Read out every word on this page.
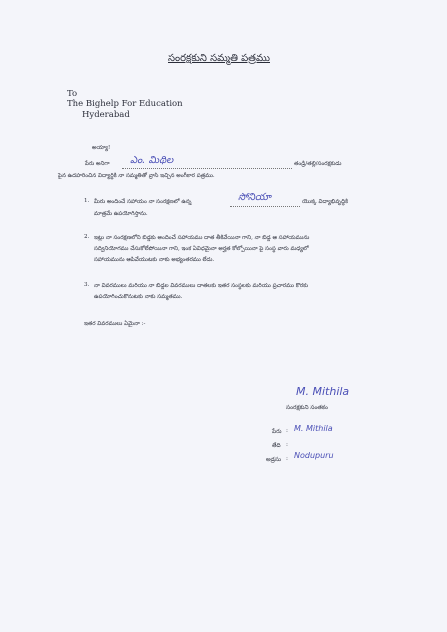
సంరక్షకుని సమ్మతి పత్రము
To
The Bighelp For Education
Hyderabad
అయ్యా!
పేరు అనిగా ఎం. మిథిల	తండ్రి/తల్లి/సంరక్షకుడు
పైన ఉదహరించిన విద్యార్థికి నా సమ్మతితో వ్రాసి ఇచ్చిన అంగీకార పత్రము.
1. మీరు అందించే సహాయం నా సంరక్షణలో ఉన్న	సోనియా	యొక్క విద్యాభివృద్ధికి
మాత్రమే ఉపయోగిస్తాను.
2. ఇట్లు నా సంరక్షణలోని బిడ్డకు అందించే సహాయము దాత తీకివేయినా గాని, నా బిడ్డ ఆ సహాయమును
సద్వినియోగము చేసుకోలేపోయినా గాని, ఇంక ఏవిధమైనా అర్హత కోల్పోయినా పై సంస్థ వారు మధ్యలో
సహాయమును ఆపివేయుటకు నాకు అభ్యంతరము లేదు.
3. నా వివరములు మరియు నా బిడ్డల వివరములు దాతలకు ఇతర సంస్థలకు మరియు ప్రచారము కొరకు
ఉపయోగించుకొనుటకు నాకు సమ్మతము.
ఇతర వివరములు ఏమైనా :-
M. Mithila
సంరక్షకుని సంతకం
పేరు : M. Mithila
తేది :
అడ్రసు : Nodupuru
